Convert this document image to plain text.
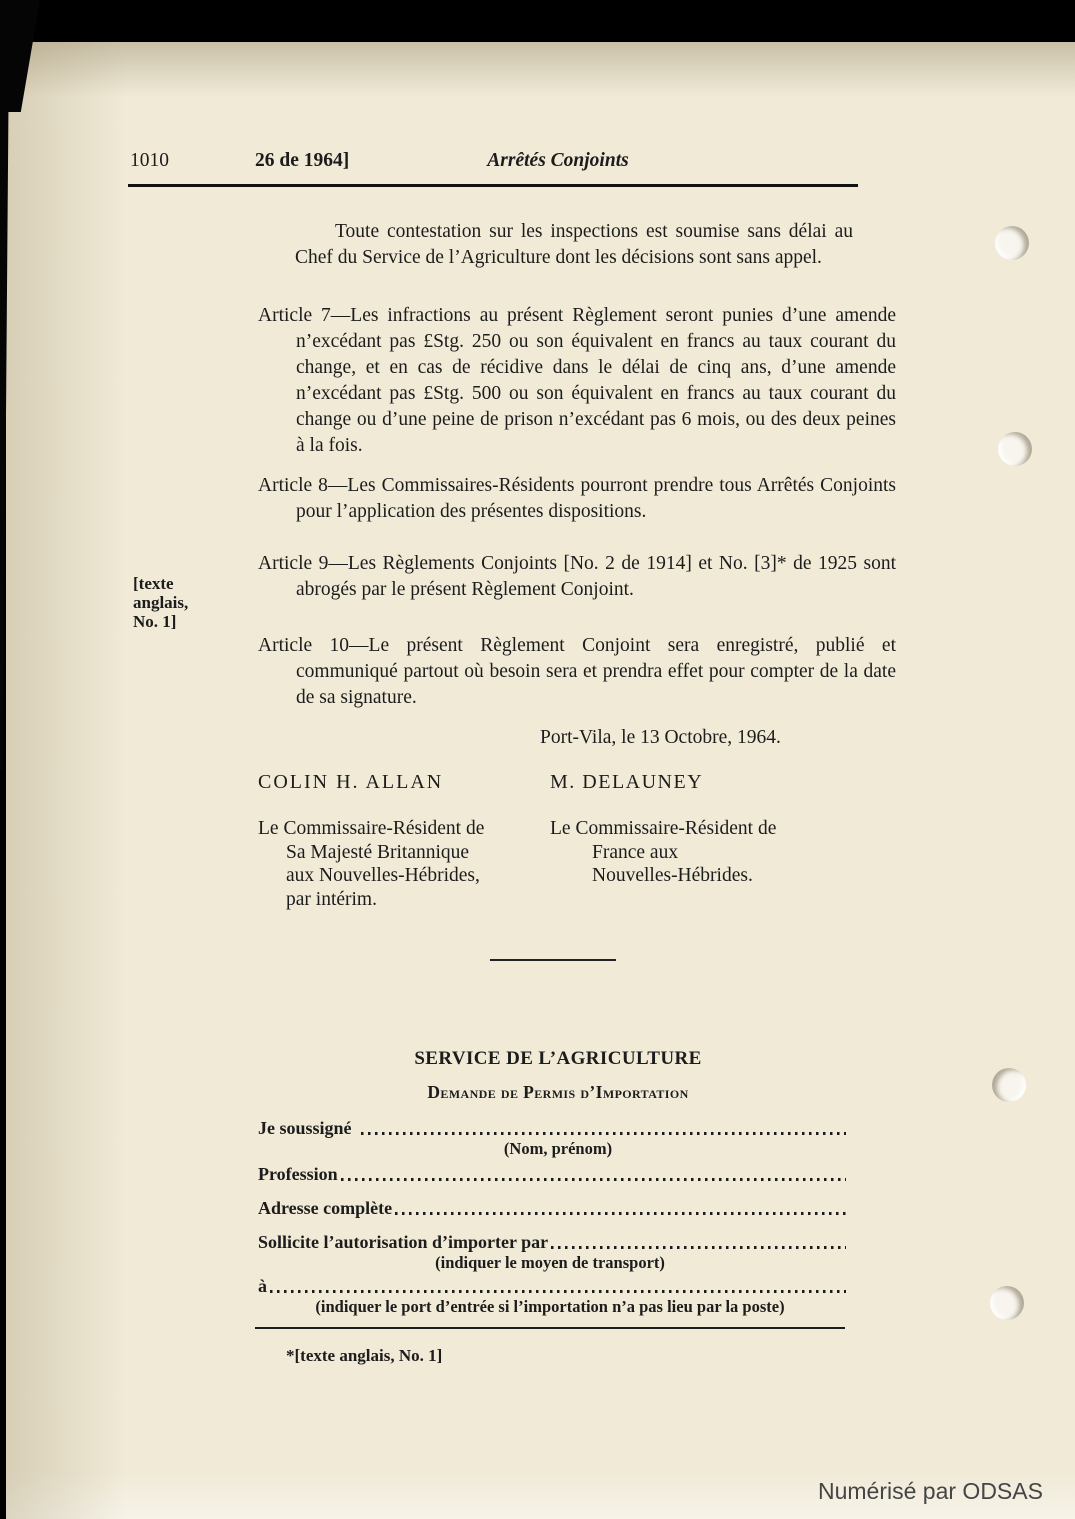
[texte
anglais,
No. 1]
1010	26 de 1964]	Arrêtés Conjoints
Toute contestation sur les inspections est soumise sans délai au Chef du Service de l’Agriculture dont les décisions sont sans appel.
Article 7—Les infractions au présent Règlement seront punies d’une amende n’excédant pas £Stg. 250 ou son équivalent en francs au taux courant du change, et en cas de récidive dans le délai de cinq ans, d’une amende n’excédant pas £Stg. 500 ou son équivalent en francs au taux courant du change ou d’une peine de prison n’excédant pas 6 mois, ou des deux peines à la fois.
Article 8—Les Commissaires-Résidents pourront prendre tous Arrêtés Conjoints pour l’application des présentes dispositions.
Article 9—Les Règlements Conjoints [No. 2 de 1914] et No. [3]* de 1925 sont abrogés par le présent Règlement Conjoint.
Article 10—Le présent Règlement Conjoint sera enregistré, publié et communiqué partout où besoin sera et prendra effet pour compter de la date de sa signature.
Port-Vila, le 13 Octobre, 1964.
COLIN H. ALLAN	M. DELAUNEY
Le Commissaire-Résident de
Sa Majesté Britannique
aux Nouvelles-Hébrides,
par intérim.
Le Commissaire-Résident de
France aux
Nouvelles-Hébrides.
SERVICE DE L’AGRICULTURE
Demande de Permis d’Importation
Je soussigné
(Nom, prénom)
Profession
Adresse complète
Sollicite l’autorisation d’importer par
(indiquer le moyen de transport)
à
(indiquer le port d’entrée si l’importation n’a pas lieu par la poste)
*[texte anglais, No. 1]
Numérisé par ODSAS
